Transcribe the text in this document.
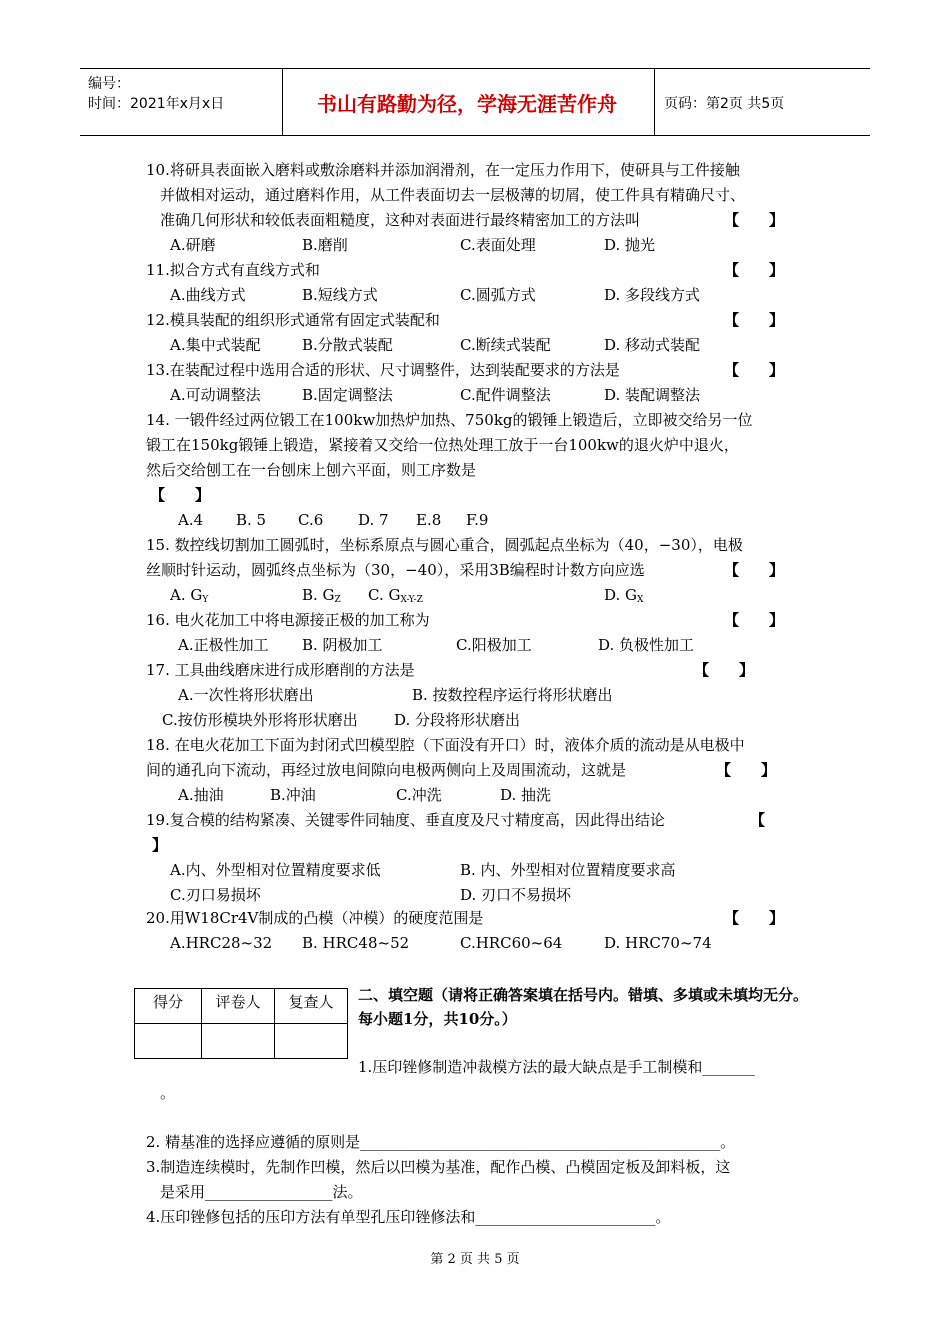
编号：
时间：2021年x月x日	书山有路勤为径，学海无涯苦作舟	页码：第2页 共5页
10.将研具表面嵌入磨料或敷涂磨料并添加润滑剂，在一定压力作用下，使研具与工件接触
并做相对运动，通过磨料作用，从工件表面切去一层极薄的切屑，使工件具有精确尺寸、
准确几何形状和较低表面粗糙度，这种对表面进行最终精密加工的方法叫	【　　】
A.研磨	B.磨削	C.表面处理	D. 抛光
11.拟合方式有直线方式和	【　　】
A.曲线方式	B.短线方式	C.圆弧方式	D. 多段线方式
12.模具装配的组织形式通常有固定式装配和	【　　】
A.集中式装配	B.分散式装配	C.断续式装配	D. 移动式装配
13.在装配过程中选用合适的形状、尺寸调整件，达到装配要求的方法是	【　　】
A.可动调整法	B.固定调整法	C.配件调整法	D. 装配调整法
14. 一锻件经过两位锻工在100kw加热炉加热、750kg的锻锤上锻造后，立即被交给另一位
锻工在150kg锻锤上锻造，紧接着又交给一位热处理工放于一台100kw的退火炉中退火，
然后交给刨工在一台刨床上刨六平面，则工序数是
【　　】
A.4 B. 5 C.6 D. 7 E.8 F.9
15. 数控线切割加工圆弧时，坐标系原点与圆心重合，圆弧起点坐标为（40，−30），电极
丝顺时针运动，圆弧终点坐标为（30，−40），采用3B编程时计数方向应选	【　　】
A. $G_Y$	B. $G_Z$ C. $G_{X-Y-Z}$	D. $G_X$
16. 电火花加工中将电源接正极的加工称为	【　　】
A.正极性加工 B. 阴极加工	C.阳极加工	D. 负极性加工
17. 工具曲线磨床进行成形磨削的方法是	【　　】
A.一次性将形状磨出	B. 按数控程序运行将形状磨出
C.按仿形模块外形将形状磨出 D. 分段将形状磨出
18. 在电火花加工下面为封闭式凹模型腔（下面没有开口）时，液体介质的流动是从电极中
间的通孔向下流动，再经过放电间隙向电极两侧向上及周围流动，这就是	【　　】
A.抽油	B.冲油	C.冲洗	D. 抽洗
19.复合模的结构紧凑、关键零件同轴度、垂直度及尺寸精度高，因此得出结论	【
】
A.内、外型相对位置精度要求低	B. 内、外型相对位置精度要求高
C.刃口易损坏	D. 刃口不易损坏
20.用W18Cr4V制成的凸模（冲模）的硬度范围是	【　　】
A.HRC28~32 B. HRC48~52	C.HRC60~64	D. HRC70~74
得分	评卷人	复查人
		二、填空题（请将正确答案填在括号内。错填、多填或未填均无分。每小题1分，共10分。）
1.压印锉修制造冲裁模方法的最大缺点是手工制模和_______
。
2. 精基准的选择应遵循的原则是________________________________________________。
3.制造连续模时，先制作凹模，然后以凹模为基准，配作凸模、凸模固定板及卸料板，这
是采用_________________法。
4.压印锉修包括的压印方法有单型孔压印锉修法和________________________。
第 2 页 共 5 页
